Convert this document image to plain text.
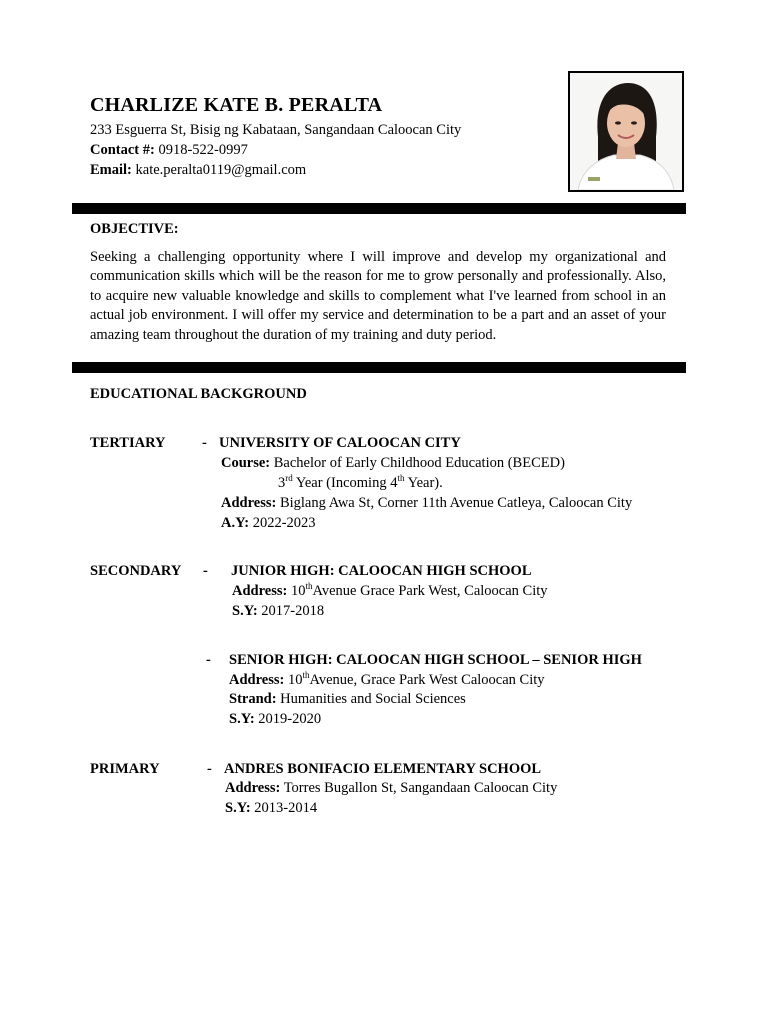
CHARLIZE KATE B. PERALTA
233 Esguerra St, Bisig ng Kabataan, Sangandaan Caloocan City
Contact #: 0918-522-0997
Email: kate.peralta0119@gmail.com
OBJECTIVE:
Seeking a challenging opportunity where I will improve and develop my organizational and communication skills which will be the reason for me to grow personally and professionally. Also, to acquire new valuable knowledge and skills to complement what I've learned from school in an actual job environment. I will offer my service and determination to be a part and an asset of your amazing team throughout the duration of my training and duty period.
EDUCATIONAL BACKGROUND
TERTIARY	- UNIVERSITY OF CALOOCAN CITY
Course: Bachelor of Early Childhood Education (BECED)
3rd Year (Incoming 4th Year).
Address: Biglang Awa St, Corner 11th Avenue Catleya, Caloocan City
A.Y: 2022-2023
SECONDARY - JUNIOR HIGH: CALOOCAN HIGH SCHOOL
Address: 10thAvenue Grace Park West, Caloocan City
S.Y: 2017-2018
- SENIOR HIGH: CALOOCAN HIGH SCHOOL – SENIOR HIGH
Address: 10thAvenue, Grace Park West Caloocan City
Strand: Humanities and Social Sciences
S.Y: 2019-2020
PRIMARY	- ANDRES BONIFACIO ELEMENTARY SCHOOL
Address: Torres Bugallon St, Sangandaan Caloocan City
S.Y: 2013-2014
